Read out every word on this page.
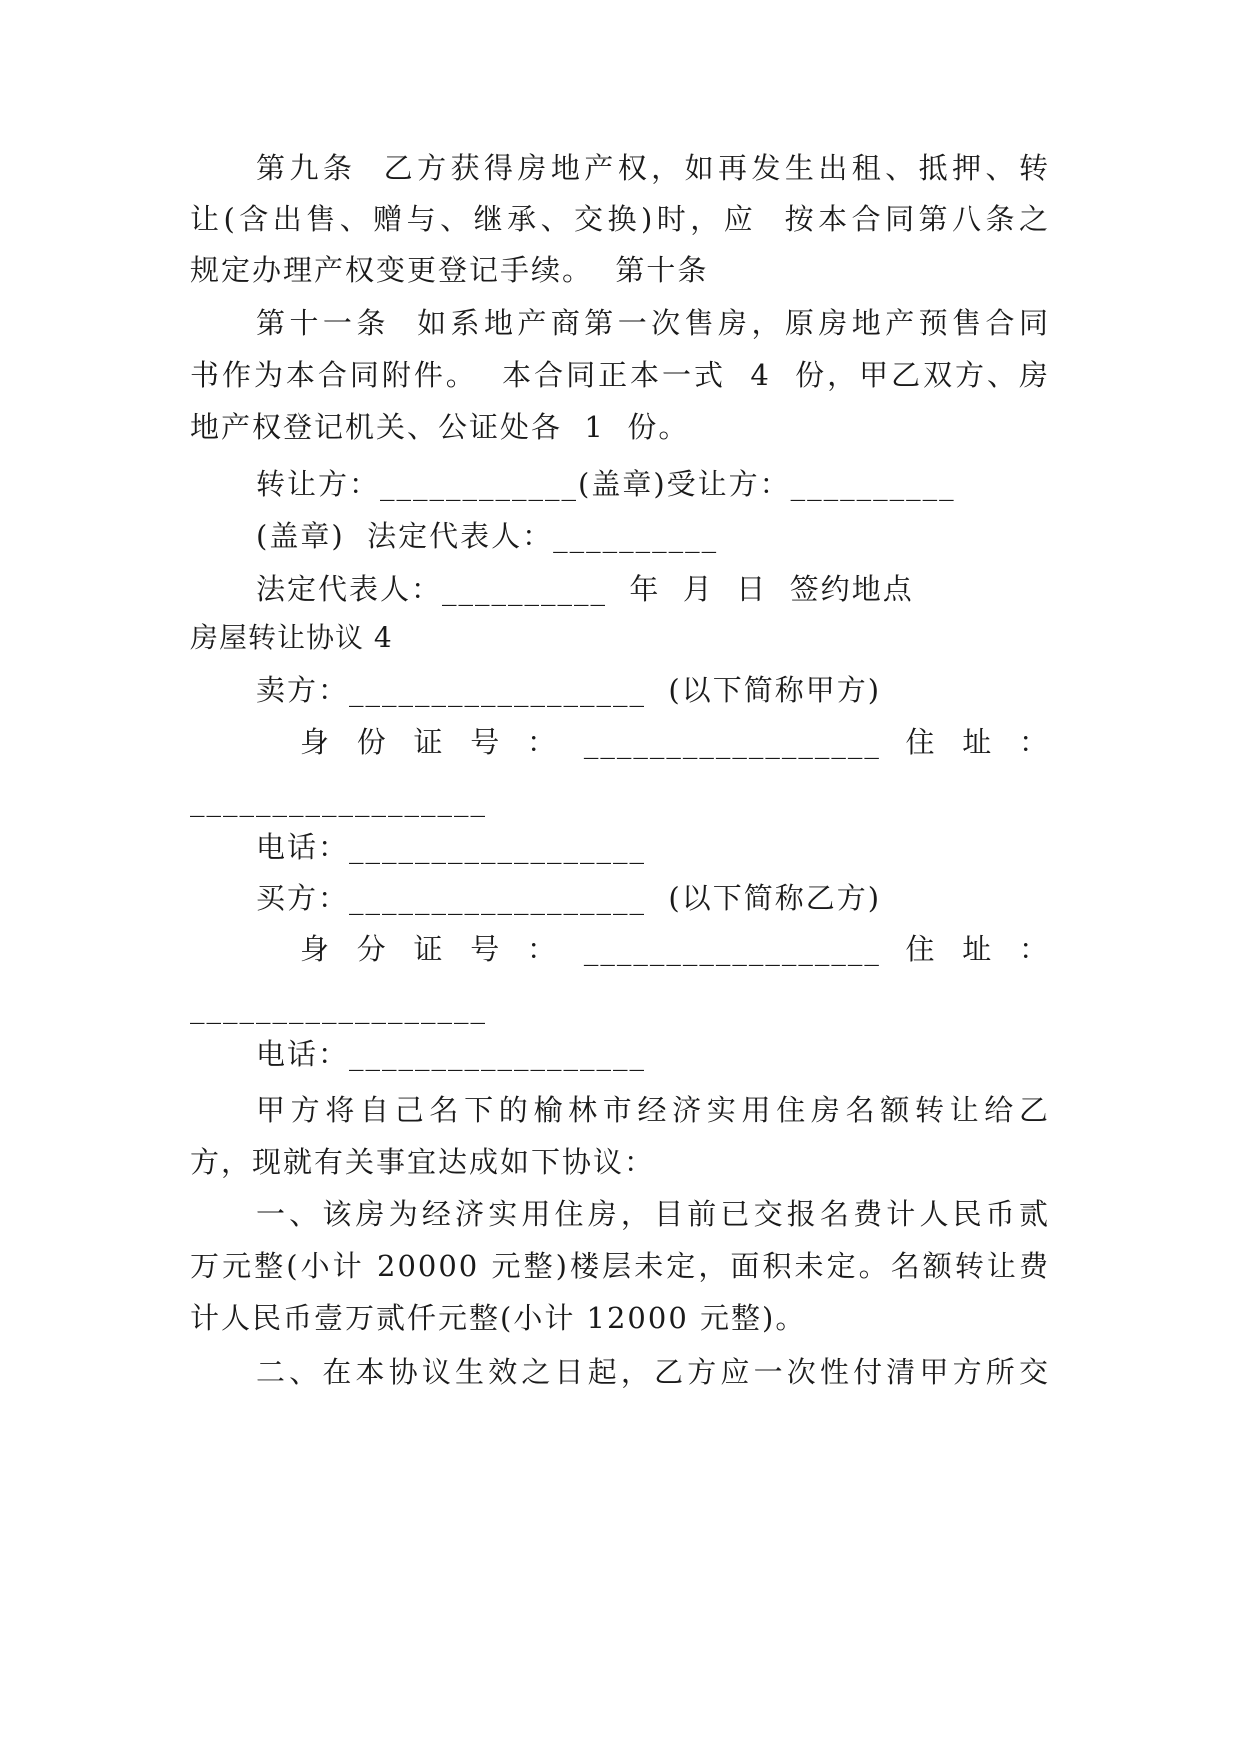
第九条  乙方获得房地产权，如再发生出租、抵押、转
让(含出售、赠与、继承、交换)时，应  按本合同第八条之
规定办理产权变更登记手续。  第十条
第十一条  如系地产商第一次售房，原房地产预售合同
书作为本合同附件。  本合同正本一式  4  份，甲乙双方、房
地产权登记机关、公证处各  1  份。
转让方：____________(盖章)受让方：__________
(盖章)  法定代表人：__________
法定代表人：__________  年  月  日  签约地点
房屋转让协议 4
卖方：__________________  (以下简称甲方)
身  份  证  号  ：  __________________  住  址  ：
__________________
电话：__________________
买方：__________________  (以下简称乙方)
身  分  证  号  ：  __________________  住  址  ：
__________________
电话：__________________
甲方将自己名下的榆林市经济实用住房名额转让给乙
方，现就有关事宜达成如下协议：
一、该房为经济实用住房，目前已交报名费计人民币贰
万元整(小计 20000 元整)楼层未定，面积未定。名额转让费
计人民币壹万贰仟元整(小计 12000 元整)。
二、在本协议生效之日起，乙方应一次性付清甲方所交
